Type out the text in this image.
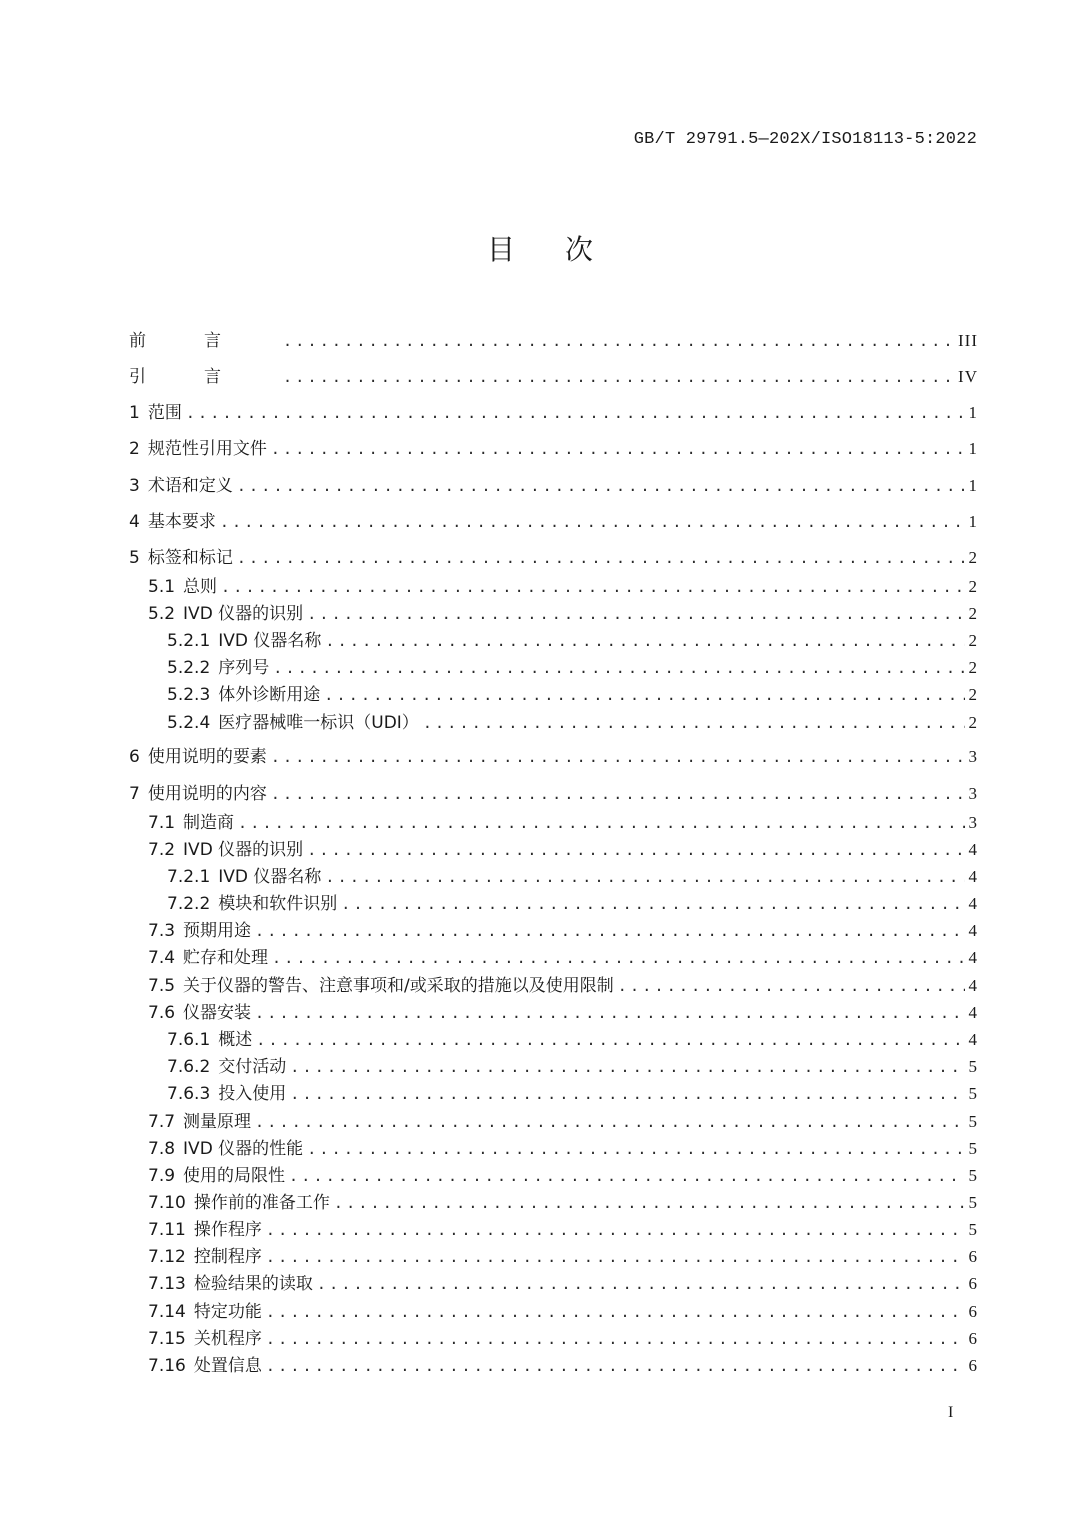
GB/T 29791.5—202X/ISO18113-5:2022
目次
前言 .....	III
引言 .....	IV
1 范围 .....	1
2 规范性引用文件 .....	1
3 术语和定义 .....	1
4 基本要求 .....	1
5 标签和标记 .....	2
5.1 总则 .....	2
5.2 IVD 仪器的识别 .....	2
5.2.1 IVD 仪器名称 .....	2
5.2.2 序列号 .....	2
5.2.3 体外诊断用途 .....	2
5.2.4 医疗器械唯一标识（UDI） .....	2
6 使用说明的要素 .....	3
7 使用说明的内容 .....	3
7.1 制造商 .....	3
7.2 IVD 仪器的识别 .....	4
7.2.1 IVD 仪器名称 .....	4
7.2.2 模块和软件识别 .....	4
7.3 预期用途 .....	4
7.4 贮存和处理 .....	4
7.5 关于仪器的警告、注意事项和/或采取的措施以及使用限制 .....	4
7.6 仪器安装 .....	4
7.6.1 概述 .....	4
7.6.2 交付活动 .....	5
7.6.3 投入使用 .....	5
7.7 测量原理 .....	5
7.8 IVD 仪器的性能 .....	5
7.9 使用的局限性 .....	5
7.10 操作前的准备工作 .....	5
7.11 操作程序 .....	5
7.12 控制程序 .....	6
7.13 检验结果的读取 .....	6
7.14 特定功能 .....	6
7.15 关机程序 .....	6
7.16 处置信息 .....	6
I
